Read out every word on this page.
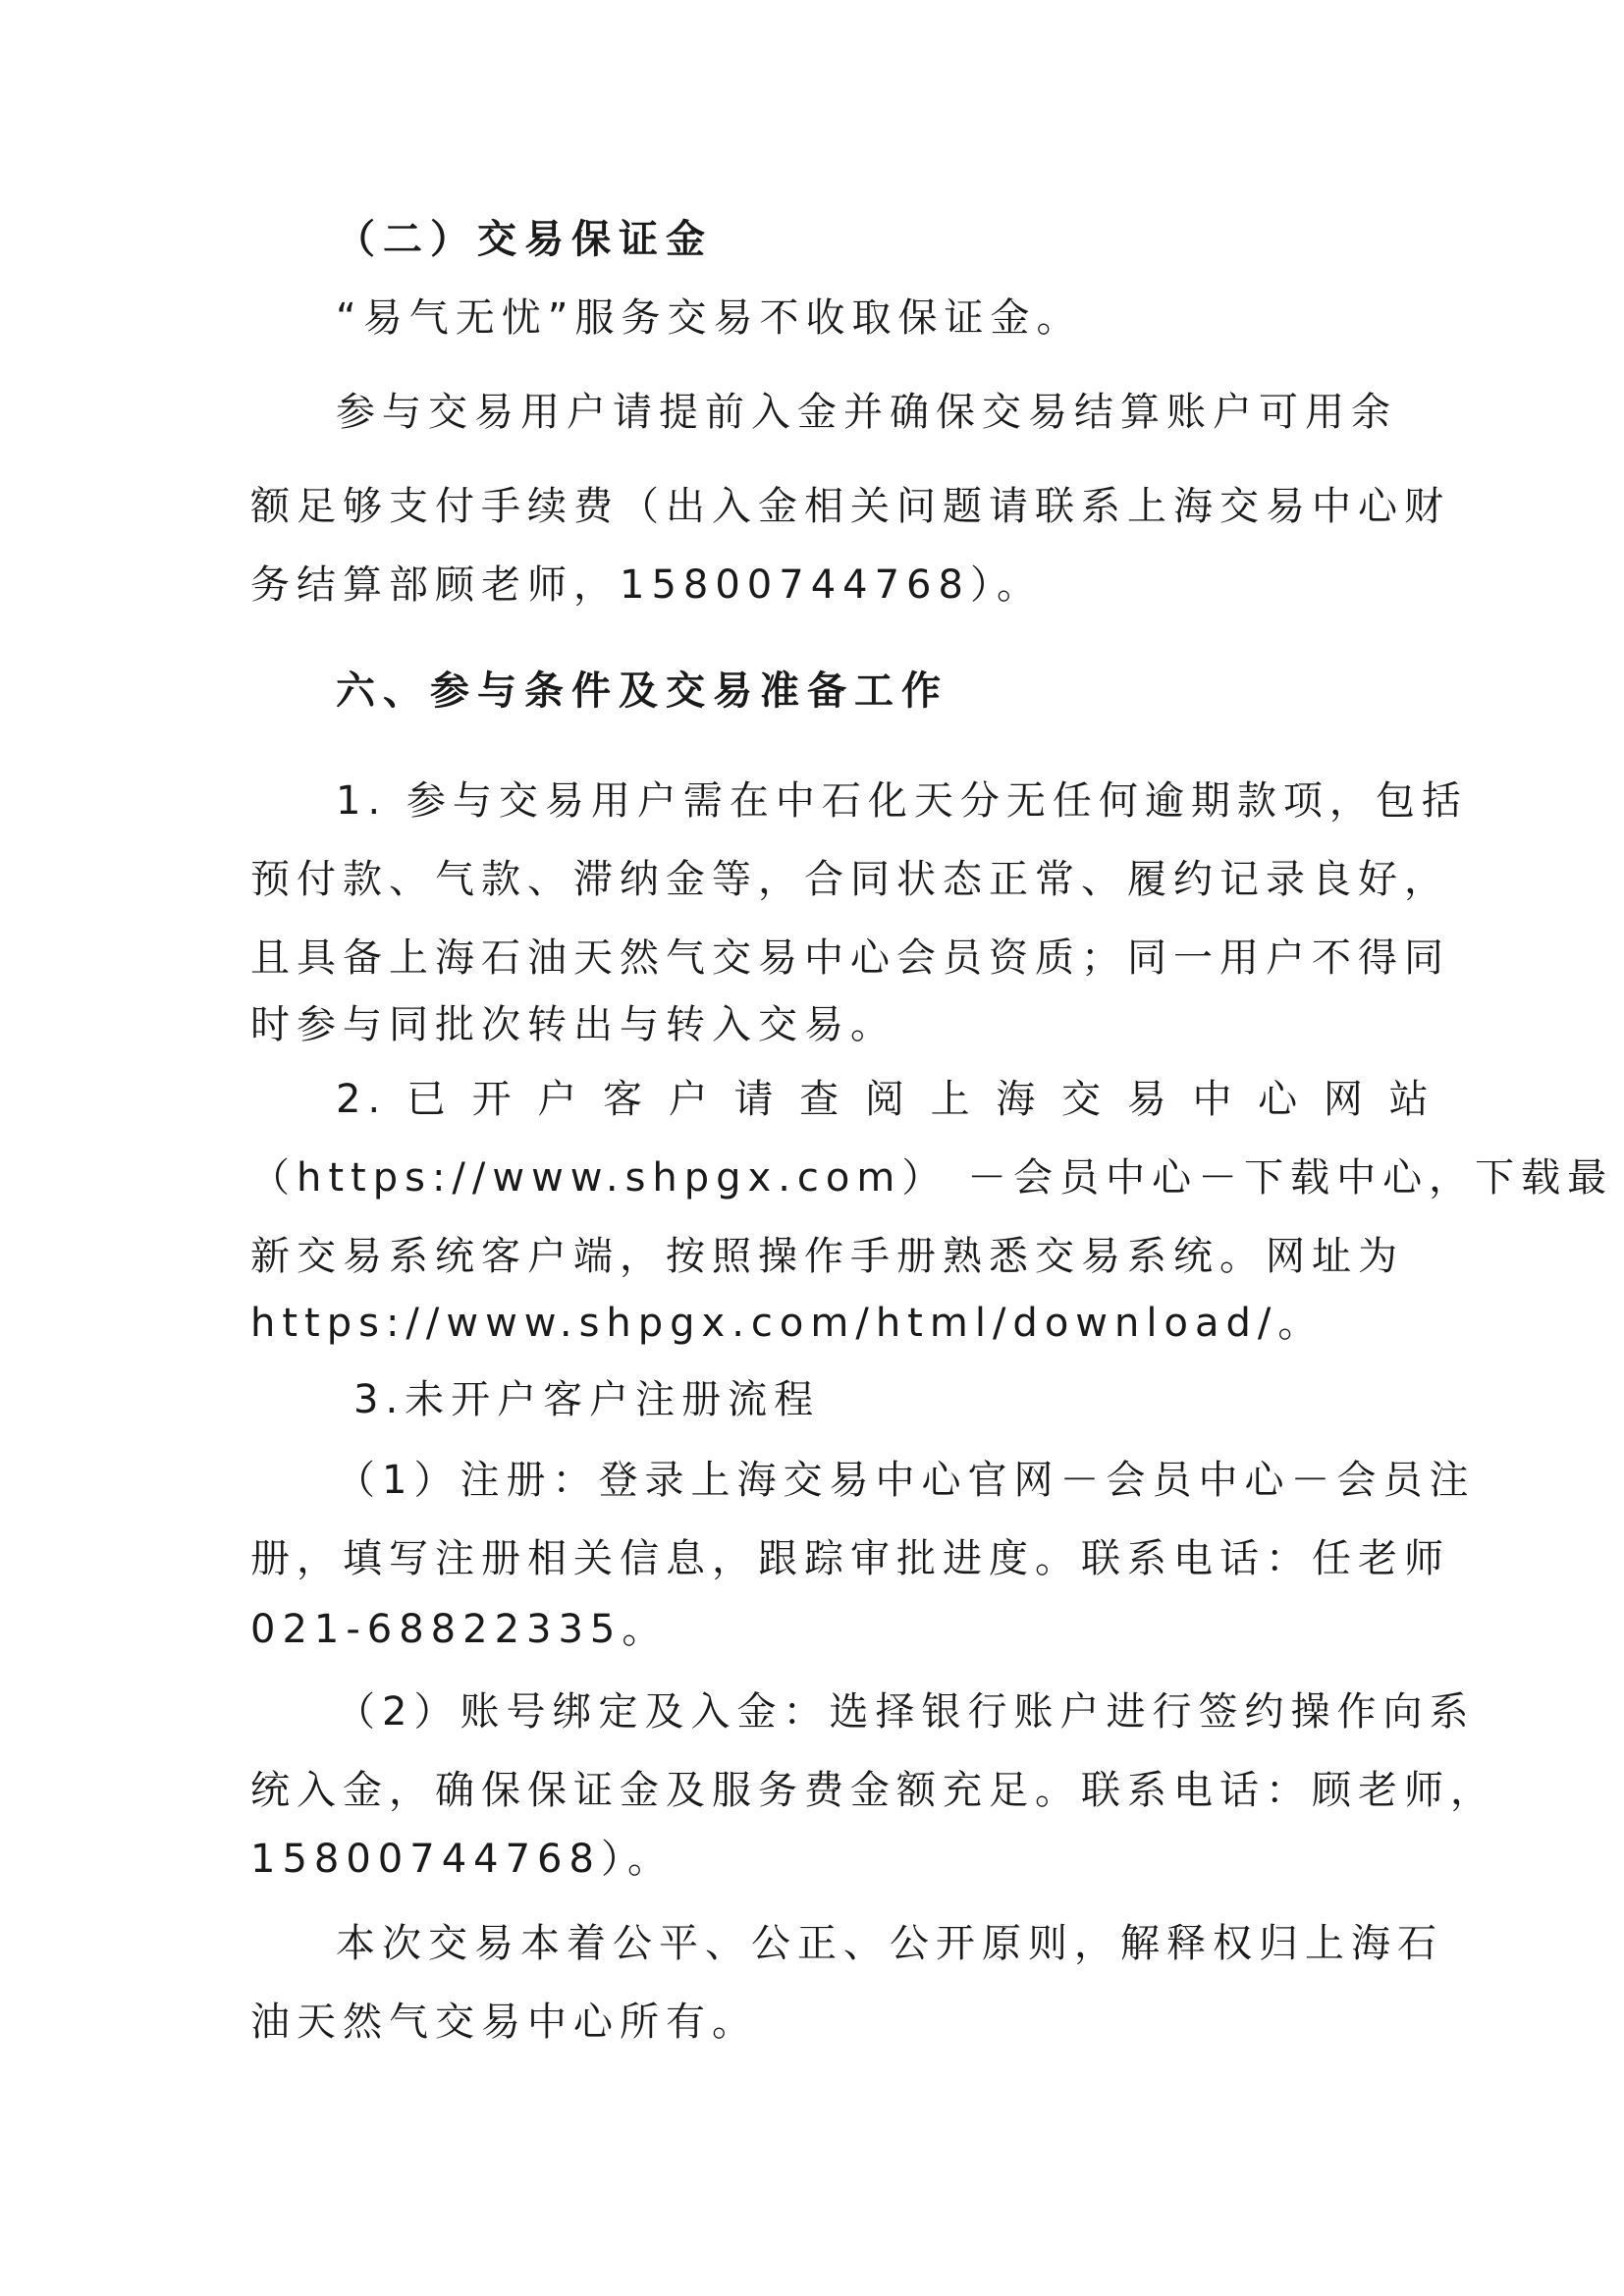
（二）交易保证金
“易气无忧”服务交易不收取保证金。
参与交易用户请提前入金并确保交易结算账户可用余
额足够支付手续费（出入金相关问题请联系上海交易中心财
务结算部顾老师，15800744768）。
六、参与条件及交易准备工作
1. 参与交易用户需在中石化天分无任何逾期款项，包括
预付款、气款、滞纳金等，合同状态正常、履约记录良好，
且具备上海石油天然气交易中心会员资质；同一用户不得同
时参与同批次转出与转入交易。
2. 已 开 户 客 户 请 查 阅 上 海 交 易 中 心 网 站
（https://www.shpgx.com） －会员中心－下载中心，下载最
新交易系统客户端，按照操作手册熟悉交易系统。网址为
https://www.shpgx.com/html/download/。
3.未开户客户注册流程
（1）注册：登录上海交易中心官网－会员中心－会员注
册，填写注册相关信息，跟踪审批进度。联系电话：任老师
021-68822335。
（2）账号绑定及入金：选择银行账户进行签约操作向系
统入金，确保保证金及服务费金额充足。联系电话：顾老师，
15800744768）。
本次交易本着公平、公正、公开原则，解释权归上海石
油天然气交易中心所有。
